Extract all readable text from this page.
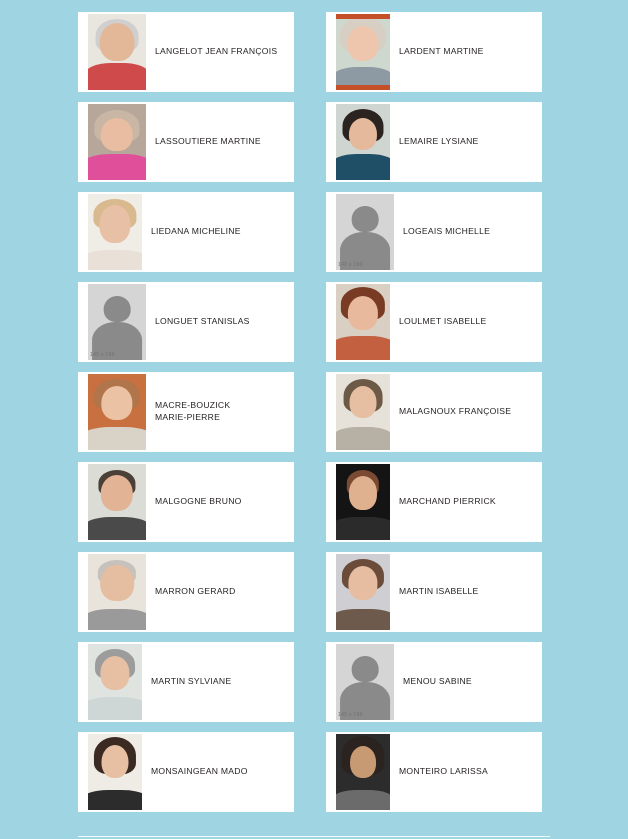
LANGELOT JEAN FRANÇOIS	LARDENT MARTINE
LASSOUTIERE MARTINE	LEMAIRE LYSIANE
LIEDANA MICHELINE
140 x 190
LOGEAIS MICHELLE
140 x 190
LONGUET STANISLAS	LOULMET ISABELLE
MACRE-BOUZICK
MARIE-PIERRE
MALAGNOUX FRANÇOISE
MALGOGNE BRUNO	MARCHAND PIERRICK
MARRON GERARD	MARTIN ISABELLE
MARTIN SYLVIANE
140 x 190
MENOU SABINE
MONSAINGEAN MADO	MONTEIRO LARISSA
